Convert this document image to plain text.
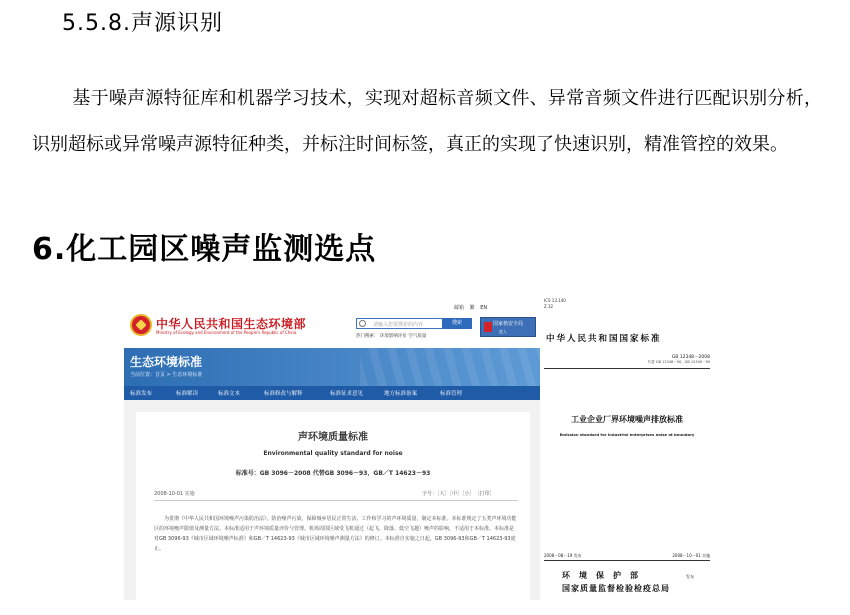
5.5.8.声源识别
基于噪声源特征库和机器学习技术，实现对超标音频文件、异常音频文件进行匹配识别分析，识别超标或异常噪声源特征种类，并标注时间标签，真正的实现了快速识别，精准管控的效果。
6.化工园区噪声监测选点
中华人民共和国生态环境部
Ministry of Ecology and Environment of the People's Republic of China
邮箱 繁 EN
请输入您要搜索的内容	搜索
热门搜索： 环境影响评价 空气质量
国家核安全局
进入
生态环境标准
当前位置：首页 > 生态环境标准
标准发布	标准解读	标准文本	标准修改与解释	标准征求意见	地方标准备案	标准管理
声环境质量标准
Environmental quality standard for noise
标准号：GB 3096－2008 代替GB 3096－93，GB／T 14623－93
2008-10-01 实施	字号：［大］［中］［小］　［打印］
为贯彻《中华人民共和国环境噪声污染防治法》，防治噪声污染，保障城乡居民正常生活、工作和学习的声环境质量，制定本标准。本标准规定了五类声环境功能区的环境噪声限值及测量方法。本标准适用于声环境质量评价与管理。机场周围区域受飞机通过（起飞、降落、低空飞越）噪声的影响，不适用于本标准。本标准是对GB 3096-93《城市区域环境噪声标准》和GB／T 14623-93《城市区域环境噪声测量方法》的修订。本标准自实施之日起，GB 3096-93和GB／T 14623-93废止。
ICS 13.140
Z 32
中华人民共和国国家标准
GB 12348－2008
代替 GB 12348－90，GB 12349－90
工业企业厂界环境噪声排放标准
Emission standard for industrial enterprises noise at boundary
2008－08－19 发布	2008－10－01 实施
环境保护部	发布
国家质量监督检验检疫总局
